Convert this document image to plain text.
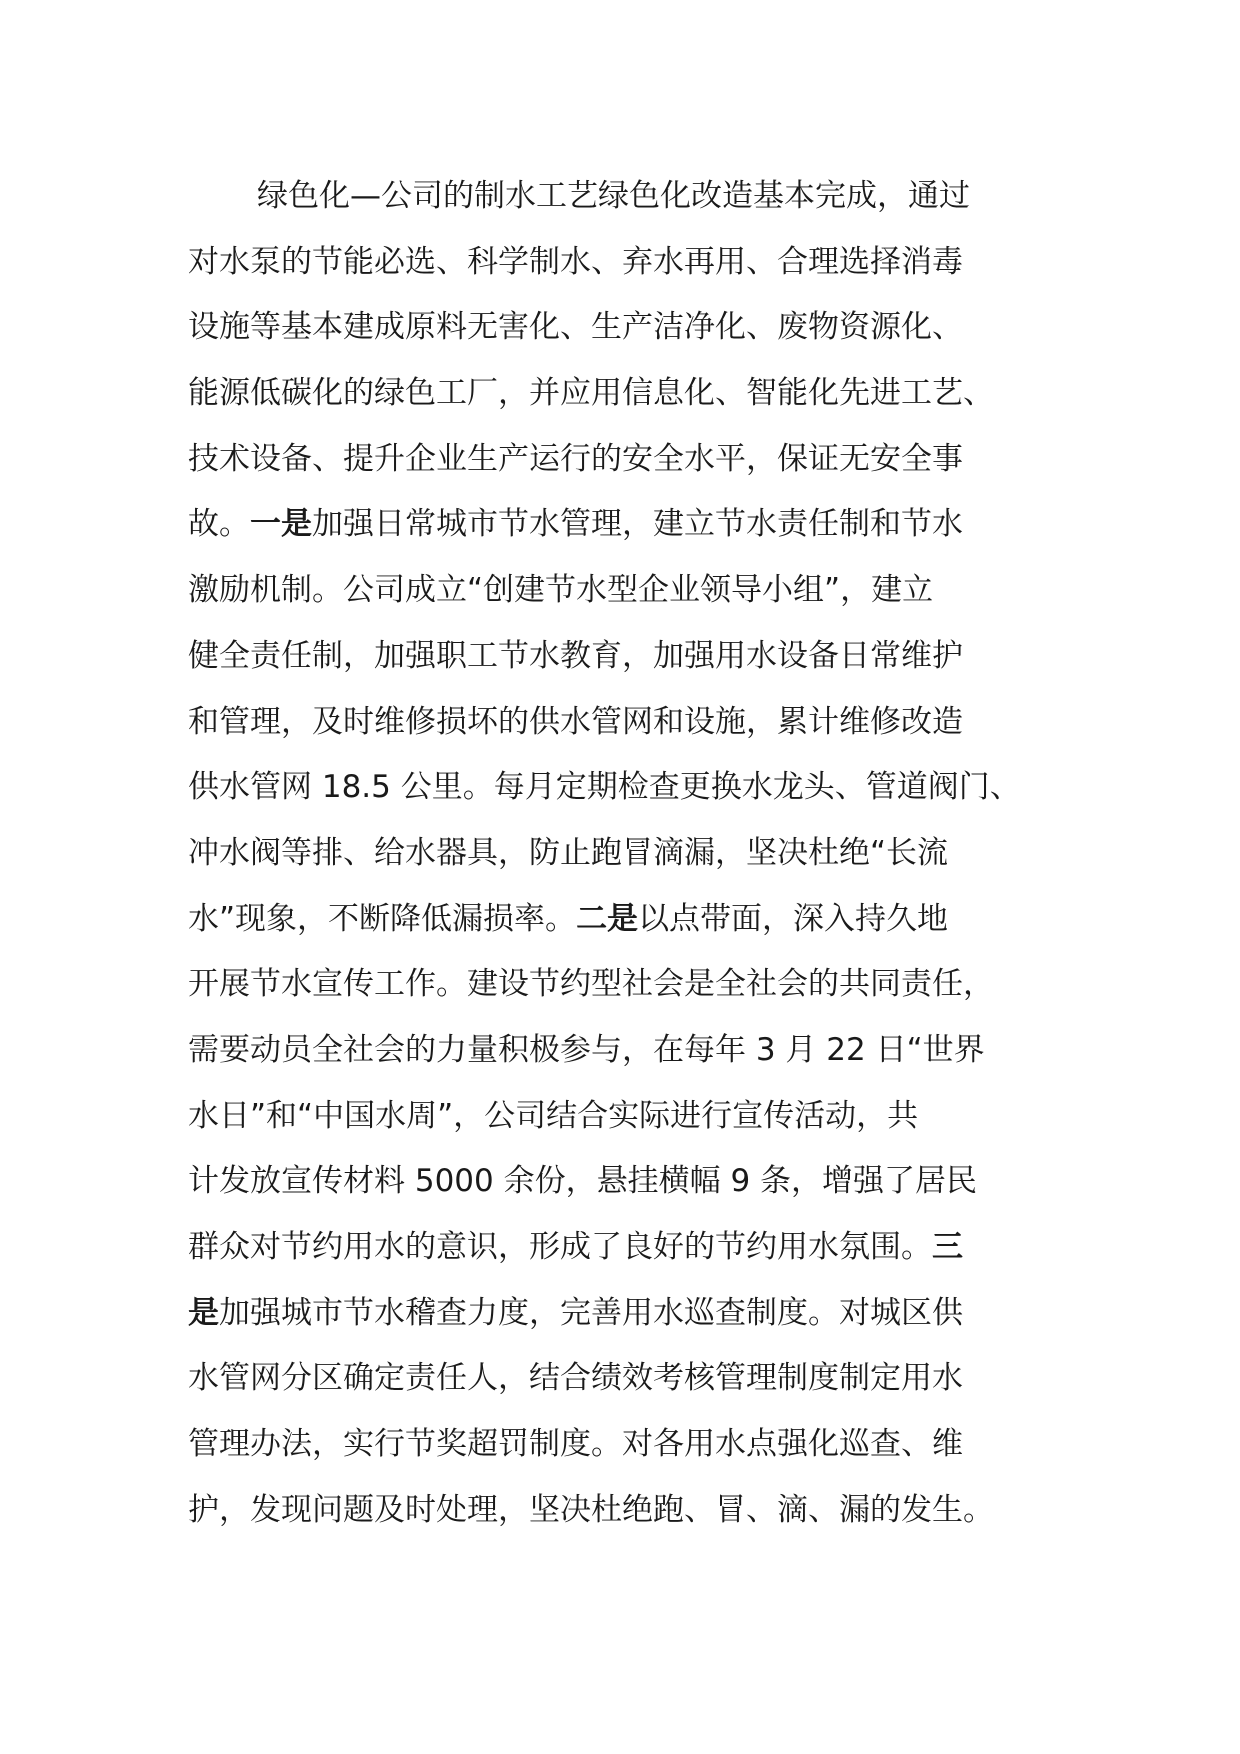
绿色化—公司的制水工艺绿色化改造基本完成，通过
对水泵的节能必选、科学制水、弃水再用、合理选择消毒
设施等基本建成原料无害化、生产洁净化、废物资源化、
能源低碳化的绿色工厂，并应用信息化、智能化先进工艺、
技术设备、提升企业生产运行的安全水平，保证无安全事
故。一是加强日常城市节水管理，建立节水责任制和节水
激励机制。公司成立“创建节水型企业领导小组”，建立
健全责任制，加强职工节水教育，加强用水设备日常维护
和管理，及时维修损坏的供水管网和设施，累计维修改造
供水管网 18.5 公里。每月定期检查更换水龙头、管道阀门、
冲水阀等排、给水器具，防止跑冒滴漏，坚决杜绝“长流
水”现象，不断降低漏损率。二是以点带面，深入持久地
开展节水宣传工作。建设节约型社会是全社会的共同责任，
需要动员全社会的力量积极参与，在每年 3 月 22 日“世界
水日”和“中国水周”，公司结合实际进行宣传活动，共
计发放宣传材料 5000 余份，悬挂横幅 9 条，增强了居民
群众对节约用水的意识，形成了良好的节约用水氛围。三
是加强城市节水稽查力度，完善用水巡查制度。对城区供
水管网分区确定责任人，结合绩效考核管理制度制定用水
管理办法，实行节奖超罚制度。对各用水点强化巡查、维
护，发现问题及时处理，坚决杜绝跑、冒、滴、漏的发生。
